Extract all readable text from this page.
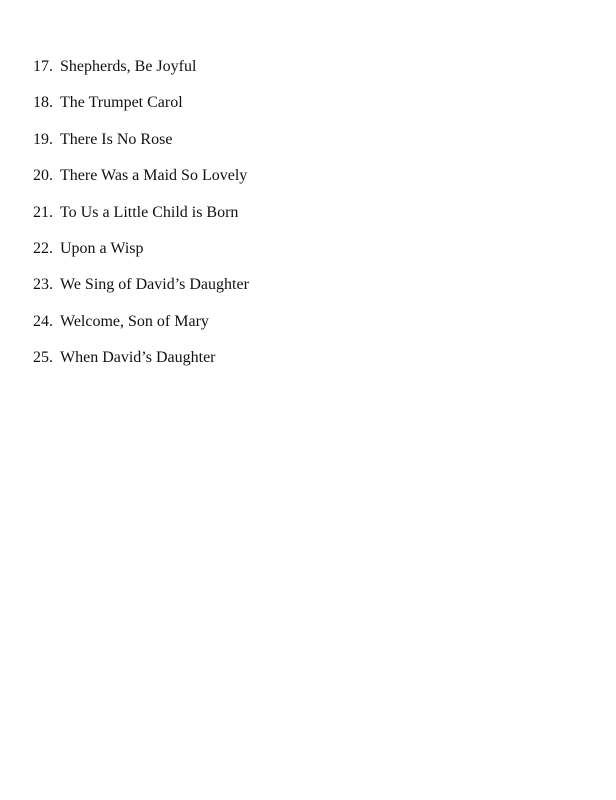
17. Shepherds, Be Joyful
18. The Trumpet Carol
19. There Is No Rose
20. There Was a Maid So Lovely
21. To Us a Little Child is Born
22. Upon a Wisp
23. We Sing of David’s Daughter
24. Welcome, Son of Mary
25. When David’s Daughter
